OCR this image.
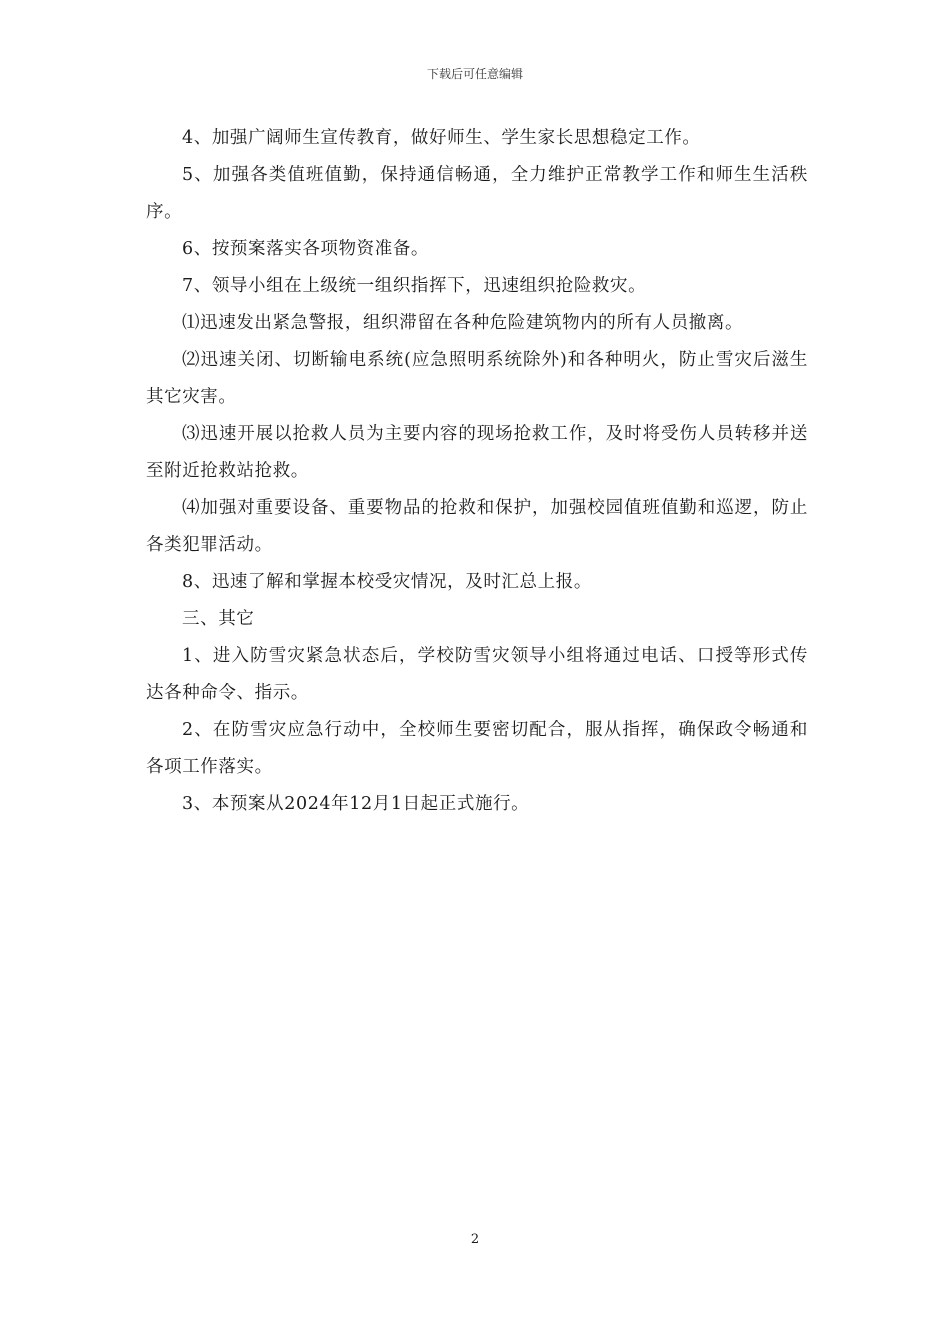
下载后可任意编辑

4、加强广阔师生宣传教育，做好师生、学生家长思想稳定工作。

5、加强各类值班值勤，保持通信畅通，全力维护正常教学工作和师生生活秩序。

6、按预案落实各项物资准备。

7、领导小组在上级统一组织指挥下，迅速组织抢险救灾。

⑴迅速发出紧急警报，组织滞留在各种危险建筑物内的所有人员撤离。

⑵迅速关闭、切断输电系统(应急照明系统除外)和各种明火，防止雪灾后滋生其它灾害。

⑶迅速开展以抢救人员为主要内容的现场抢救工作，及时将受伤人员转移并送至附近抢救站抢救。

⑷加强对重要设备、重要物品的抢救和保护，加强校园值班值勤和巡逻，防止各类犯罪活动。

8、迅速了解和掌握本校受灾情况，及时汇总上报。

三、其它

1、进入防雪灾紧急状态后，学校防雪灾领导小组将通过电话、口授等形式传达各种命令、指示。

2、在防雪灾应急行动中，全校师生要密切配合，服从指挥，确保政令畅通和各项工作落实。

3、本预案从2024年12月1日起正式施行。

2
